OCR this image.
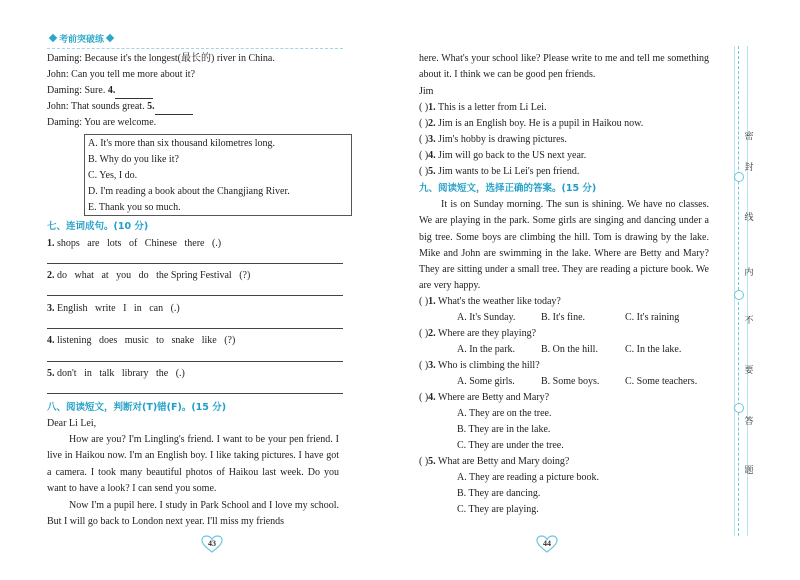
考前突破练
Daming: Because it's the longest(最长的) river in China.
John: Can you tell me more about it?
Daming: Sure. 4.
John: That sounds great. 5.
Daming: You are welcome.
A. It's more than six thousand kilometres long.
B. Why do you like it?
C. Yes, I do.
D. I'm reading a book about the Changjiang River.
E. Thank you so much.
七、连词成句。(10 分)
1. shops   are   lots   of   Chinese   there   (.)
2. do   what   at   you   do   the Spring Festival   (?)
3. English   write   I   in   can   (.)
4. listening   does   music   to   snake   like   (?)
5. don't   in   talk   library   the   (.)
八、阅读短文，判断对(T)错(F)。(15 分)
Dear Li Lei,
How are you? I'm Lingling's friend. I want to be your pen friend. I live in Haikou now. I'm an English boy. I like taking pictures. I have got a camera. I took many beautiful photos of Haikou last week. Do you want to have a look? I can send you some.
Now I'm a pupil here. I study in Park School and I love my school. But I will go back to London next year. I'll miss my friends
43
here. What's your school like? Please write to me and tell me something about it. I think we can be good pen friends.
Jim
( )1. This is a letter from Li Lei.
( )2. Jim is an English boy. He is a pupil in Haikou now.
( )3. Jim's hobby is drawing pictures.
( )4. Jim will go back to the US next year.
( )5. Jim wants to be Li Lei's pen friend.
九、阅读短文，选择正确的答案。(15 分)
It is on Sunday morning. The sun is shining. We have no classes. We are playing in the park. Some girls are singing and dancing under a big tree. Some boys are climbing the hill. Tom is drawing by the lake. Mike and John are swimming in the lake. Where are Betty and Mary? They are sitting under a small tree. They are reading a picture book. We are very happy.
( )1. What's the weather like today?
A. It's Sunday.	B. It's fine.	C. It's raining
( )2. Where are they playing?
A. In the park.	B. On the hill.	C. In the lake.
( )3. Who is climbing the hill?
A. Some girls.	B. Some boys.	C. Some teachers.
( )4. Where are Betty and Mary?
A. They are on the tree.
B. They are in the lake.
C. They are under the tree.
( )5. What are Betty and Mary doing?
A. They are reading a picture book.
B. They are dancing.
C. They are playing.
44
密
封
线
内
不
要
答
题
